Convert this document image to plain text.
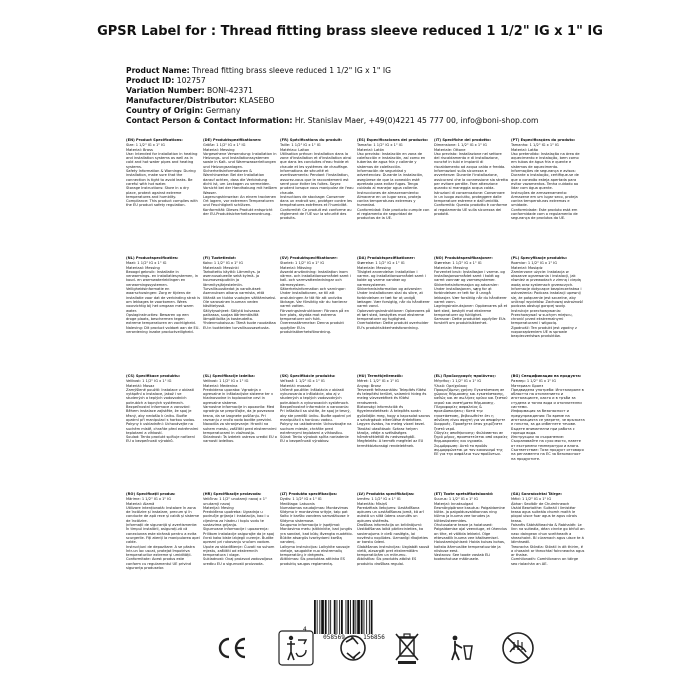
GPSR Label for : Thread fitting brass sleeve reduced 1 1/2" IG x 1" IG
Product Name: Thread fitting brass sleeve reduced 1 1/2" IG x 1" IG
Product ID: 102757
Variation Number: BONI-42371
Manufacturer/Distributor: KLASEBO
Country of Origin: Germany
Contact Person & Contact Information: Hr. Stanislav Maer, +49(0)4221 45 777 00, info@boni-shop.com
(EN) Product Specifications:
Size: 1 1/2" IG x 1" IG
Material: Brass
Use: Intended for installation in heating and installation systems as well as in cold and hot water pipes and heating systems.
Safety Information & Warnings: During installation, make sure that the connection is tight to avoid leaks. Be careful with hot water.
Storage Instructions: Store in a dry place, protect against extreme temperatures and humidity.
Compliance: This product complies with the EU product safety regulation.
(DE) Produktspezifikationen:
Größe: 1 1/2" IG x 1" IG
Material: Messing
Vorgesehene Verwendung: Installation in Heizungs- und Installationssystemen sowie in Kalt- und Warmwasserleitungen und Heizungsanlagen.
Sicherheitsinformationen & Warnhinweise: Bei der Installation darauf achten, dass die Verbindung dicht ist, um Leckagen zu vermeiden. Vorsicht bei der Handhabung mit heißem Wasser.
Lagerungshinweise: An einem trockenen Ort lagern, vor extremen Temperaturen und Feuchtigkeit schützen.
Konformität: Dieses Produkt entspricht der EU-Produktsicherheitsverordnung.
(FR) Spécifications du produit:
Taille: 1 1/2" IG x 1" IG
Matériau: Laiton
Utilisation prévue: Installation dans la zone d'installation et d'installation ainsi que dans les conduites d'eau froide et chaude et les systèmes de chauffage.
Informations de sécurité et avertissements: Pendant l'installation, assurez-vous que le raccordement est serré pour éviter les fuites. Soyez prudent lorsque vous manipulez de l'eau chaude.
Instructions de stockage: Conserver dans un endroit sec, protéger contre les températures extrêmes et l'humidité.
Conformité: Ce produit est conforme au règlement de l'UE sur la sécurité des produits.
(ES) Especificaciones del producto:
Tamaño: 1 1/2" IG x 1" IG
Material: Latón
Uso previsto: Instalación en zona de calefacción e instalación, así como en tuberías de agua fría y caliente y sistemas de calefacción.
Información de seguridad y advertencias: Durante la instalación, asegúrese de que la conexión esté apretada para evitar fugas. Tenga cuidado al manejar agua caliente.
Instrucciones de almacenamiento: Almacene en un lugar seco, proteja contra temperaturas extremas y humedad.
Conformidad: Este producto cumple con el reglamento de seguridad de productos de la UE.
(IT) Specifiche del prodotto:
Dimensione: 1 1/2" IG x 1" IG
Materiale: Ottone
Uso previsto: Installazione nel settore del riscaldamento e di installazione, nonché in tubi e impianti di riscaldamento ad acqua calda e fredda.
Informazioni sulla sicurezza e avvertenze: Durante l'installazione, assicurarsi che la connessione sia stretta per evitare perdite. Fare attenzione quando si maneggia acqua calda.
Istruzioni di conservazione: Conservare in un luogo asciutto, proteggere dalle temperature estreme e dall'umidità.
Conformità: Questo prodotto è conforme al regolamento UE sulla sicurezza dei prodotti.
(PT) Especificações do produto:
Tamanho: 1 1/2" IG x 1" IG
Material: Latão
Uso pretendido: Instalação na área de aquecimento e instalação, bem como em tubos de água fria e quente e sistemas de aquecimento.
Informações de segurança e avisos: Durante a instalação, certifique-se de que a conexão esteja apertada para evitar vazamentos. Tenha cuidado ao lidar com água quente.
Instruções de armazenamento: Armazene em um lugar seco, proteja contra temperaturas extremas e umidade.
Conformidade: Este produto está em conformidade com o regulamento de segurança de produtos da UE.
(NL) Productspecificaties:
Maat: 1 1/2" IG x 1" IG
Materiaal: Messing
Beoogd gebruik: Installatie in verwarmings- en installatiesystemen, in koud- en warmwaterleidingen en verwarmingssystemen.
Veiligheidsinformatie en waarschuwingen: Zorg er tijdens de installatie voor dat de verbinding strak is om lekkages te voorkomen. Wees voorzichtig bij het omgaan met warm water.
Opslaginstructies: Bewaren op een droge plaats, beschermen tegen extreme temperaturen en vochtigheid.
Naleving: Dit product voldoet aan de EU-verordening inzake productveiligheid.
(FI) Tuotetiedot:
Koko: 1 1/2" IG x 1" IG
Materiaali: Messinki
Tarkoitettu käyttö: Lämmitys- ja asennusalueelle sekä kylmä- ja kuumavesiputkiin ja lämmitysjärjestelmiin.
Turvallisuustiedot ja varoitukset: Asennuksen aikana varmista, että liitäntä on tiukka vuotojen välttämiseksi. Ole varovainen kuuman veden käsittelyssä.
Säilytysohjeet: Säilytä kuivassa paikassa, suojaa äärimmäisiltä lämpötiloilta ja kosteudelta.
Yhdenmukaisuus: Tämä tuote noudattaa EU:n tuotteiden turvallisuusasetusta.
(SV) Produktspecifikationer:
Storlek: 1 1/2" IG x 1" IG
Material: Mässing
Avsedd användning: Installation inom värme- och installationsområdet samt i kall- och varmvattenledningar och värmesystem.
Säkerhetsinformation och varningar: Under installationen, se till att anslutningen är tät för att undvika läckage. Var försiktig när du hanterar varmt vatten.
Förvaringsinstruktioner: Förvara på en torr plats, skydda mot extrema temperaturer och fukt.
Överensstämmelse: Denna produkt uppfyller EU:s produktsäkerhetsförordning.
(DA) Produktspecifikationer:
Størrelse: 1 1/2" IG x 1" IG
Materiale: Messing
Tilsigtet anvendelse: Installation i varme- og installationsområdet samt i kolde og varme vandrør og varmesystemer.
Sikkerhedsinformation og advarsler: Under installationen skal du sikre, at forbindelsen er tæt for at undgå lækager. Vær forsigtig, når du håndterer varmt vand.
Opbevaringsinstruktioner: Opbevares på et tørt sted, beskyttes mod ekstreme temperaturer og fugtighed.
Overholdelse: Dette produkt overholder EU's produktsikkerhedsforordning.
(NO) Produktspesifikasjoner:
Størrelse: 1 1/2" IG x 1" IG
Materiale: Messing
Forventet bruk: Installasjon i varme- og installasjonsområdet samt i kaldt og varmt vannrør og varmesystemer.
Sikkerhetsinformasjon og advarsler: Under installasjonen, sørg for at forbindelsen er tett for å unngå lekkasjer. Vær forsiktig når du håndterer varmt vann.
Lagringsinstruksjoner: Oppbevares på et tørt sted, beskytt mot ekstreme temperaturer og fuktighet.
Samsvar: Dette produktet oppfyller EUs forskrift om produktsikkerhet.
(PL) Specyfikacje produktu:
Rozmiar: 1 1/2" IG x 1" IG
Materiał: Mosiądz
Zamierzone użycie: Instalacja w obszarze ogrzewania i instalacji, jak również w przewodach z zimną i ciepłą wodą oraz systemach grzewczych.
Informacje dotyczące bezpieczeństwa i ostrzeżenia: Podczas instalacji upewnij się, że połączenie jest szczelne, aby uniknąć wycieków. Zachowaj ostrożność podczas obsługi gorącej wody.
Instrukcje przechowywania: Przechowywać w suchym miejscu, chronić przed ekstremalnymi temperaturami i wilgocią.
Zgodność: Ten produkt jest zgodny z rozporządzeniem UE w sprawie bezpieczeństwa produktów.
(CS) Specifikace produktu:
Velikost: 1 1/2" IG x 1" IG
Materiál: Mosaz
Zamýšlené použití: Instalace v oblasti vytápění a instalace, jakož i ve studených a teplých vodovodních potrubích a topných systémech.
Bezpečnostní informace a varování: Během instalace zajistěte, že spoj je těsný, aby nedošlo k úniku. Buďte opatrní při manipulaci s horkou vodou.
Pokyny k uskladnění: Uchovávejte na suchém místě, chraňte před extrémními teplotami a vlhkostí.
Soulad: Tento produkt splňuje nařízení EU o bezpečnosti výrobků.
(SL) Specifikacije izdelka:
Velikost: 1 1/2" IG x 1" IG
Material: Medenina
Predvidena uporaba: Vgradnja v ogrevalne in inštalacijske sisteme ter v hladnovodne in toplovodne cevi in ogrevalne sisteme.
Varnostne informacije in opozorila: Med vgradnjo se prepričajte, da je povezava tesna, da se izognete puščanju. Pri ravnanju z vročo vodo bodite previdni.
Navodila za shranjevanje: Hraniti na suhem mestu, zaščititi pred ekstremnimi temperaturami in vlažnostjo.
Skladnost: Ta izdelek ustreza uredbi EU o varnosti izdelkov.
(SK) Špecifikácie produktu:
Veľkosť: 1 1/2" IG x 1" IG
Materiál: mosadz
Určené použitie: Inštalácia v oblasti vykurovania a inštalácie, ako aj v studených a teplých vodovodných potrubiach a vykurovacích systémoch.
Bezpečnostné informácie a varovania: Pri inštalácii sa uistite, že spoj je tesný, aby ste predišli úniku. Buďte opatrní pri manipulácii s horúcou vodou.
Pokyny na uskladnenie: Uchovávajte na suchom mieste, chráňte pred extrémnymi teplotami a vlhkosťou.
Súlad: Tento výrobok spĺňa nariadenie EÚ o bezpečnosti výrobkov.
(HU) Termékjellemzők:
Méret: 1 1/2" IG x 1" IG
Anyag: Bronz
Tervezett felhasználás: Telepítés fűtési és telepítési terület, valamint hideg és meleg vízvezetékek és fűtési rendszerek.
Biztonsági információk és figyelmeztetések: A telepítés során győződjön meg, hogy a kapcsolat szoros a szivárgások elkerülése érdekében. Legyen óvatos, ha meleg vízzel kezel.
Tárolási utasítások: Száraz helyen tárolja, védje a szélsőséges hőmérséklettől és nedvességtől.
Megfelelés: A termék megfelel az EU termékbiztonsági rendeletének.
(EL) Προδιαγραφές προϊόντος:
Μέγεθος: 1 1/2" IG x 1" IG
Υλικό: Ορείχαλκος
Προοριζόμενη χρήση: Εγκατάσταση σε χώρους θέρμανσης και εγκατάστασης, καθώς και σε σωλήνες κρύου και ζεστού νερού και συστήματα θέρμανσης.
Πληροφορίες ασφαλείας & προειδοποιήσεις: Κατά την εγκατάσταση, βεβαιωθείτε ότι η σύνδεση είναι σφιχτή για να αποφύγετε διαρροές. Προσέχετε όταν χειρίζεστε ζεστό νερό.
Οδηγίες αποθήκευσης: Φυλάσσεται σε ξηρό μέρος, προστατεύεται από ακραίες θερμοκρασίες και υγρασία.
Συμμόρφωση: Αυτό το προϊόν συμμορφώνεται με τον κανονισμό της ΕΕ για την ασφάλεια των προϊόντων.
(BG) Спецификации на продукта:
Размер: 1 1/2" IG x 1" IG
Материал: Бронз
Предвидена употреба: Инсталиране в областта на отоплението и инсталациите, както и в тръби за студена и топла вода и отоплителни системи.
Информация за безопасност и предупреждения: По време на инсталацията се уверете, че връзката е плътна, за да избегнете течове. Бъдете внимателни при работа с гореща вода.
Инструкции за съхранение: Съхранявайте на сухо място, пазете от екстремни температури и влага.
Съответствие: Този продукт отговаря на регламента на ЕС за безопасност на продуктите.
(RO) Specificații produs:
Mărime: 1 1/2" IG x 1" IG
Material: Alamă
Utilizare intenționată: Instalare în zona de încălzire și instalare, precum și în conducte de apă rece și caldă și sisteme de încălzire.
Informații de siguranță și avertismente: În timpul instalării, asigurați-vă că conexiunea este strânsă pentru a evita scurgerile. Fiți atenți la manipularea apei calde.
Instrucțiuni de depozitare: A se păstra într-un loc uscat, protejat împotriva temperaturilor extreme și umidității.
Conformitate: Acest produs este conform cu regulamentul UE privind siguranța produselor.
(HR) Specifikacije proizvoda:
Veličina: 1 1/2" unutarnji navoj x 1" unutarnji navoj
Materijal: Mesing
Predviđena upotreba: Ugradnja u područje grijanja i instalacija, kao i u cijevima za hladnu i toplu vodu te sustavima grijanja.
Sigurnosne informacije i upozorenja: Prilikom instalacije osigurajte da je spoj čvrst kako biste izbjegli curenje. Budite oprezni pri rukovanju vrućom vodom.
Upute za skladištenje: Čuvati na suhom mjestu, zaštititi od ekstremnih temperatura i vlage.
Sukladnost: Ovaj proizvod zadovoljava uredbu EU o sigurnosti proizvoda.
(LT) Produkto specifikacijos:
Dydis: 1 1/2" IG x 1" IG
Medžiaga: Latuonis
Numatomas naudojimas: Montavimas šildymo ir montavimo srityje, taip pat šalto ir karšto vandens vamzdžiuose ir šildymo sistemose.
Saugumo informacija ir įspėjimai: Montavimo metu įsitikinkite, kad jungtis yra sandari, kad būtų išvengta nuotėkio. Būkite atsargūs tvarkydami karštą vandenį.
Laikymo instrukcijos: Laikykite sausoje vietoje, saugokite nuo ekstremalių temperatūrų ir drėgmės.
Atitikimas: Šis produktas atitinka ES produktų saugos reglamentą.
(LV) Produkta specifikācijas:
Izmērs: 1 1/2" IG x 1" IG
Materiāls: Misiņš
Paredzētais lietojums: Uzstādīšana apkures un uzstādīšanas jomā, kā arī aukstā un siltā ūdens caurulēs un apkures sistēmās.
Drošības informācija un brīdinājumi: Uzstādīšanas laikā pārliecinieties, ka savienojums ir cieši noslēgts, lai novērstu noplūdes. Uzmanīgi rīkojieties ar karstu ūdeni.
Glabāšanas instrukcijas: Uzglabāt sausā vietā, aizsargāt pret ekstremālām temperatūrām un mitrumu.
Atbilstība: Šis produkts atbilst ES produktu drošības regulai.
(ET) Toote spetsifikatsioonid:
Suurus: 1 1/2" IG x 1" IG
Materjal: Innaksulgad
Eesmärgipärane kasutus: Paigaldamine kütte- ja paigaldusvaldkonnas ning külma ja kuuma vee torudes ja küttesüsteemides.
Ohutusalane teave ja hoiatused: Paigaldamise ajal veenduge, et ühendus on tihe, et vältida lekkeid. Olge ettevaatlik kuuma vee käsitsemisel.
Hoiustamisjuhised: Hoida kuivas kohas, kaitsta äärmuslike temperatuuride ja niiskuse eest.
Vastavus: See toode vastab ELi tooteohutuse määrusele.
(GA) Sonraíochtaí Táirge:
Méid: 1 1/2" IG x 1" IG
Ábhar: Seoltóir de Chuimhneach
Úsáid Beartaithe: Suiteáil i limistéar teasa agus suiteála chomh maith le píopaí uisce fuar agus te agus córais teasa.
Faisnéis Sábháilteachta & Rabhaidh: Le linn na suiteála, déan cinnte go bhfuil an nasc daingean chun sceitheadh a sheachaint. Bí cúramach agus uisce te á láimhseáil.
Treoracha Stórála: Stóráil in áit thirim, é a chosaint ar theochtaí foircneacha agus ar thaise.
Comhlíonadh: Comhlíonann an táirge seo rialachán an AE.
4
058569	156856
